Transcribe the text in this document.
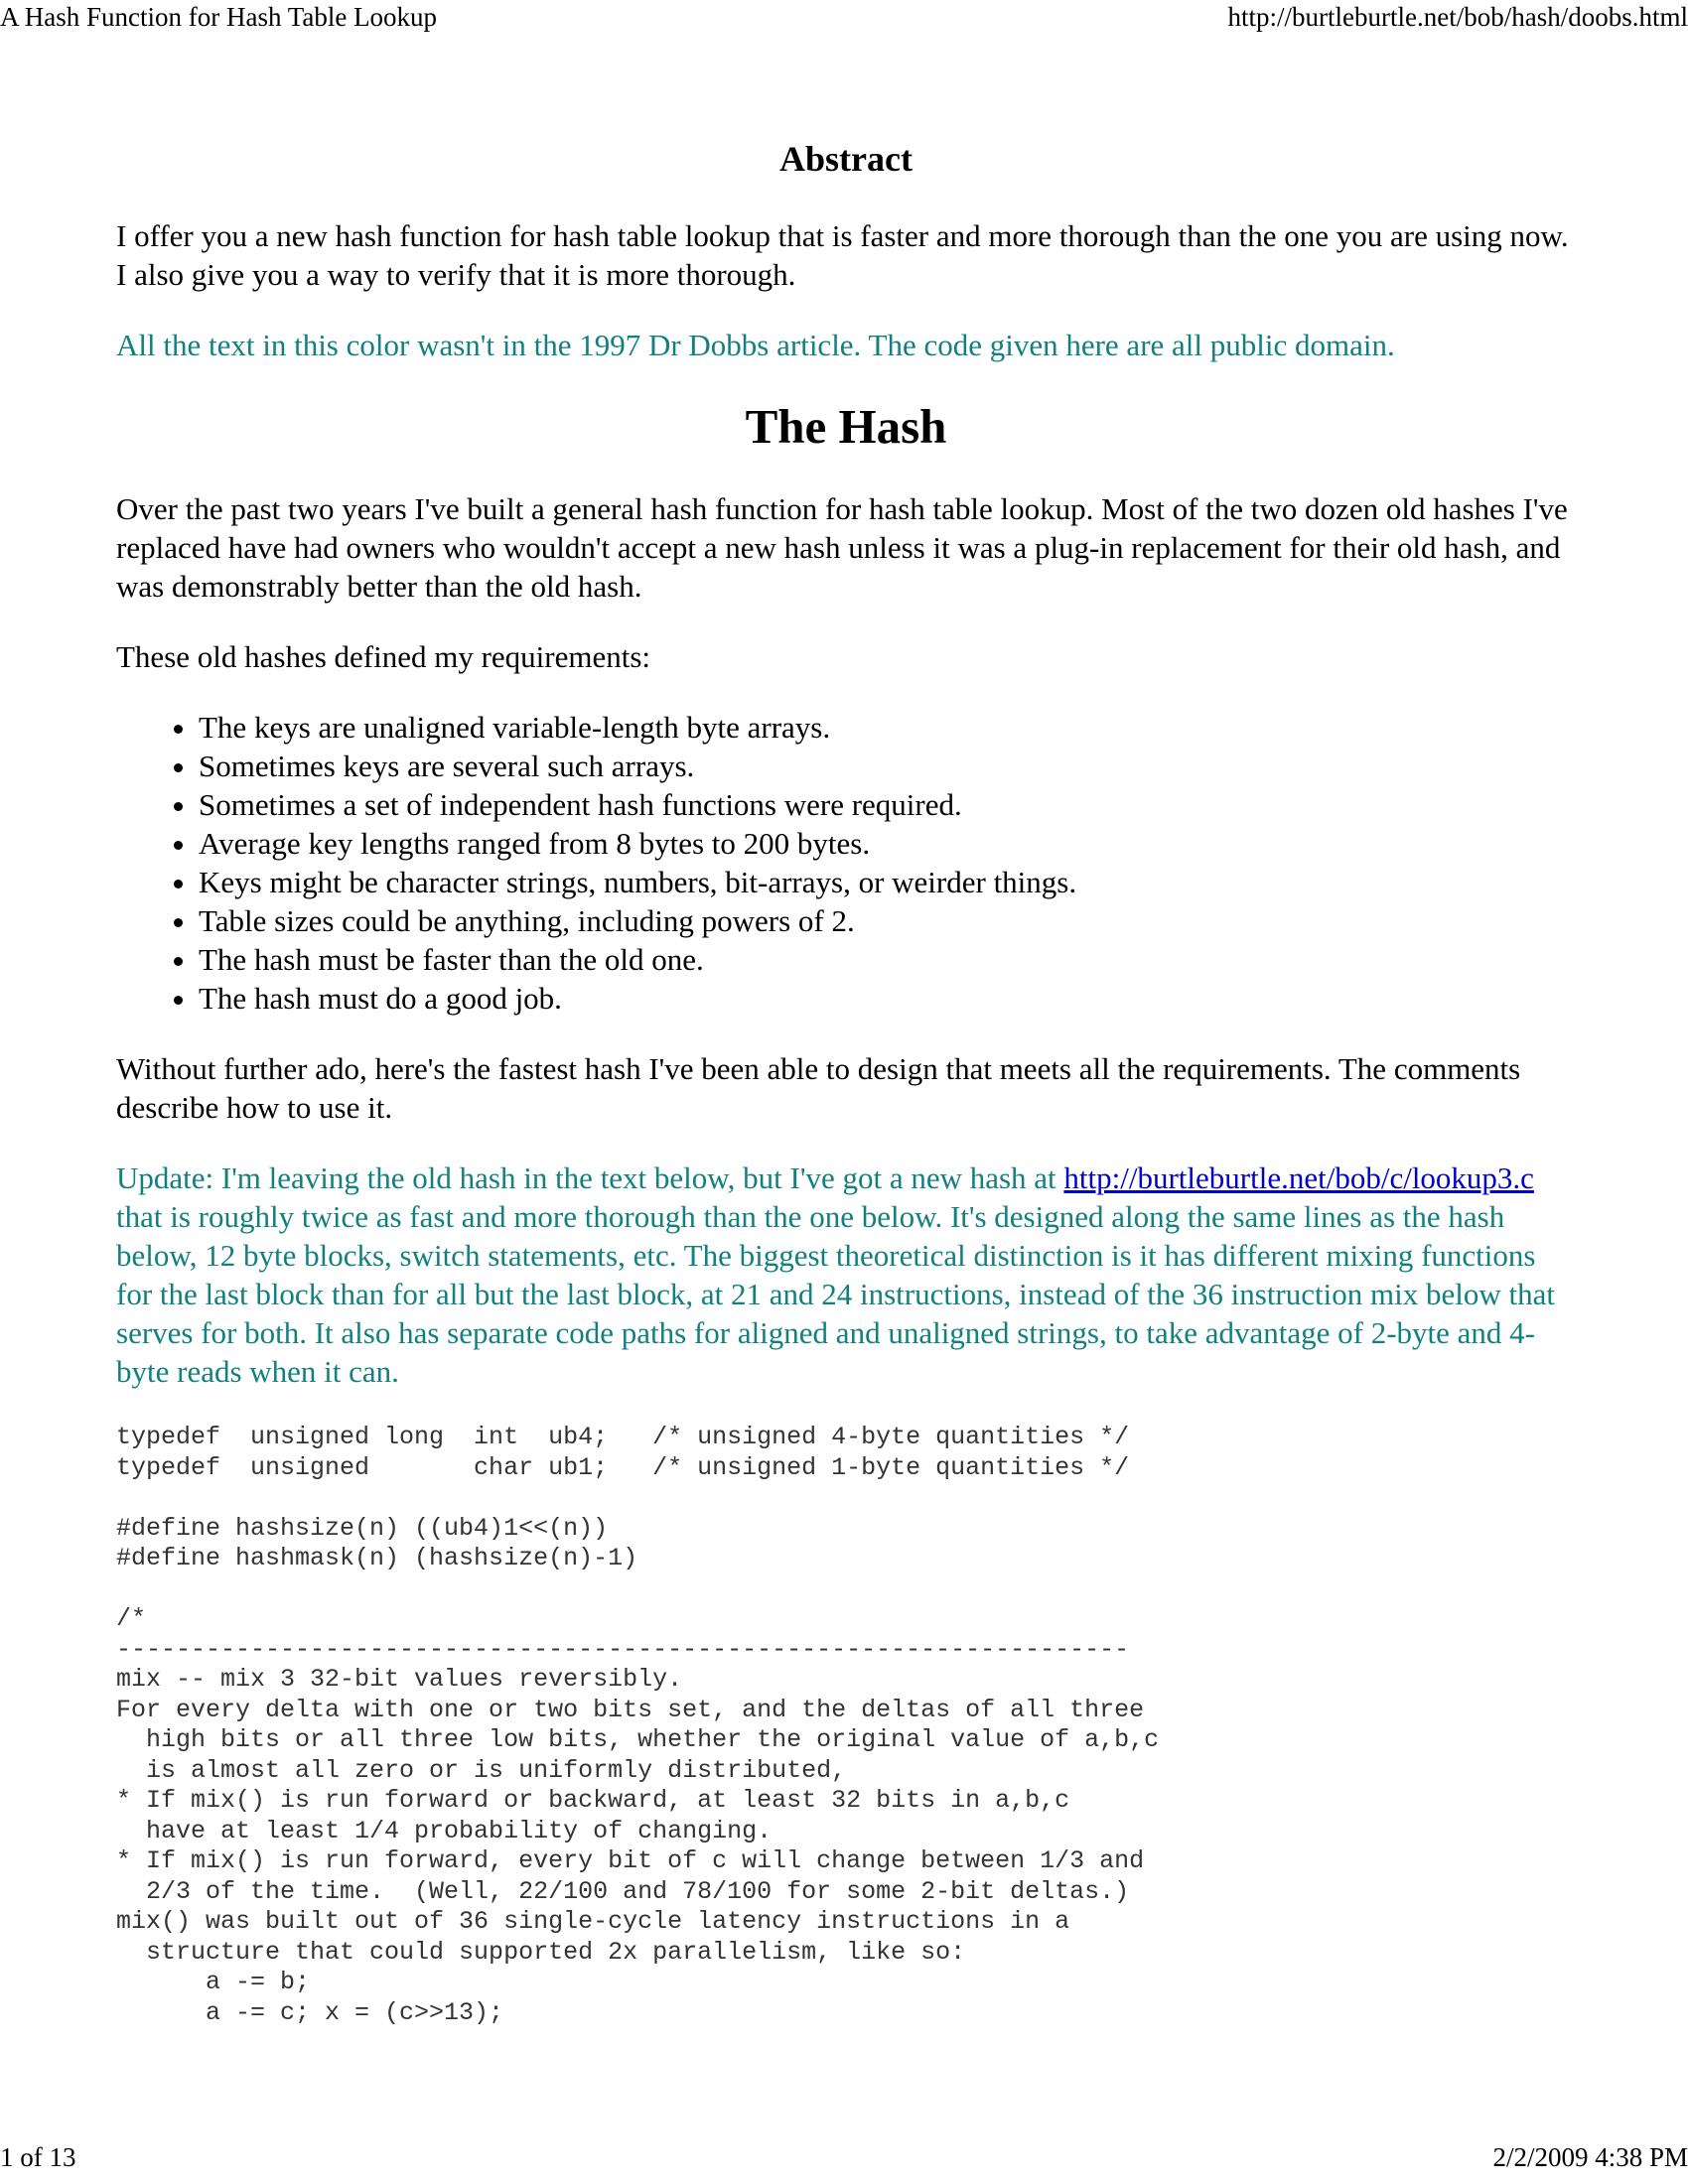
A Hash Function for Hash Table Lookup	http://burtleburtle.net/bob/hash/doobs.html
Abstract

I offer you a new hash function for hash table lookup that is faster and more thorough than the one you are using now. I also give you a way to verify that it is more thorough.

All the text in this color wasn't in the 1997 Dr Dobbs article. The code given here are all public domain.

The Hash

Over the past two years I've built a general hash function for hash table lookup. Most of the two dozen old hashes I've replaced have had owners who wouldn't accept a new hash unless it was a plug-in replacement for their old hash, and was demonstrably better than the old hash.

These old hashes defined my requirements:

• The keys are unaligned variable-length byte arrays.
• Sometimes keys are several such arrays.
• Sometimes a set of independent hash functions were required.
• Average key lengths ranged from 8 bytes to 200 bytes.
• Keys might be character strings, numbers, bit-arrays, or weirder things.
• Table sizes could be anything, including powers of 2.
• The hash must be faster than the old one.
• The hash must do a good job.

Without further ado, here's the fastest hash I've been able to design that meets all the requirements. The comments describe how to use it.

Update: I'm leaving the old hash in the text below, but I've got a new hash at http://burtleburtle.net/bob/c/lookup3.c that is roughly twice as fast and more thorough than the one below. It's designed along the same lines as the hash below, 12 byte blocks, switch statements, etc. The biggest theoretical distinction is it has different mixing functions for the last block than for all but the last block, at 21 and 24 instructions, instead of the 36 instruction mix below that serves for both. It also has separate code paths for aligned and unaligned strings, to take advantage of 2-byte and 4-byte reads when it can.

typedef  unsigned long  int  ub4;   /* unsigned 4-byte quantities */
typedef  unsigned       char ub1;   /* unsigned 1-byte quantities */

#define hashsize(n) ((ub4)1<<(n))
#define hashmask(n) (hashsize(n)-1)

/*
--------------------------------------------------------------------
mix -- mix 3 32-bit values reversibly.
For every delta with one or two bits set, and the deltas of all three
high bits or all three low bits, whether the original value of a,b,c
is almost all zero or is uniformly distributed,
* If mix() is run forward or backward, at least 32 bits in a,b,c
have at least 1/4 probability of changing.
* If mix() is run forward, every bit of c will change between 1/3 and
2/3 of the time.  (Well, 22/100 and 78/100 for some 2-bit deltas.)
mix() was built out of 36 single-cycle latency instructions in a
structure that could supported 2x parallelism, like so:
a -= b;
a -= c; x = (c>>13);
1 of 13	2/2/2009 4:38 PM
